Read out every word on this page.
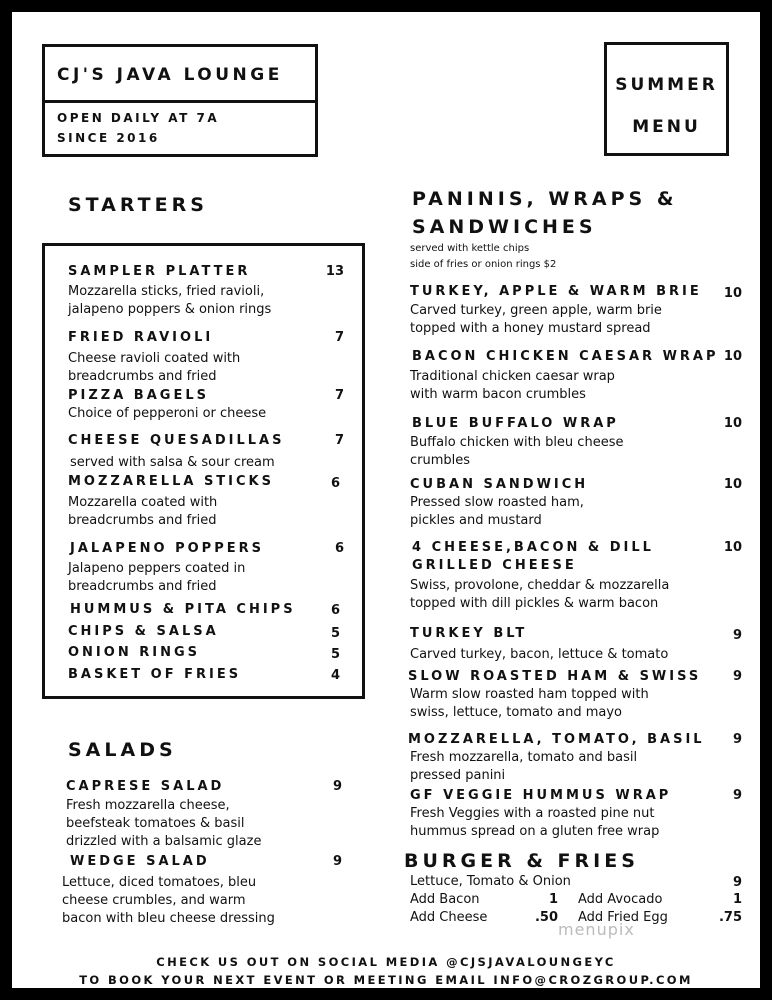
CJ'S JAVA LOUNGE
OPEN DAILY AT 7A
SINCE 2016
SUMMER
MENU
STARTERS
SAMPLER PLATTER	13
Mozzarella sticks, fried ravioli,
jalapeno poppers & onion rings
FRIED RAVIOLI	7
Cheese ravioli coated with
breadcrumbs and fried
PIZZA BAGELS	7
Choice of pepperoni or cheese
CHEESE QUESADILLAS	7
served with salsa & sour cream
MOZZARELLA STICKS	6
Mozzarella coated with
breadcrumbs and fried
JALAPENO POPPERS	6
Jalapeno peppers coated in
breadcrumbs and fried
HUMMUS & PITA CHIPS	6
CHIPS & SALSA	5
ONION RINGS	5
BASKET OF FRIES	4
SALADS
CAPRESE SALAD	9
Fresh mozzarella cheese,
beefsteak tomatoes & basil
drizzled with a balsamic glaze
WEDGE SALAD	9
Lettuce, diced tomatoes, bleu
cheese crumbles, and warm
bacon with bleu cheese dressing
PANINIS, WRAPS &
SANDWICHES
served with kettle chips
side of fries or onion rings $2
TURKEY, APPLE & WARM BRIE	10
Carved turkey, green apple, warm brie
topped with a honey mustard spread
BACON CHICKEN CAESAR WRAP 10
Traditional chicken caesar wrap
with warm bacon crumbles
BLUE BUFFALO WRAP	10
Buffalo chicken with bleu cheese
crumbles
CUBAN SANDWICH	10
Pressed slow roasted ham,
pickles and mustard
4 CHEESE,BACON & DILL
GRILLED CHEESE
10
Swiss, provolone, cheddar & mozzarella
topped with dill pickles & warm bacon
TURKEY BLT	9
Carved turkey, bacon, lettuce & tomato
SLOW ROASTED HAM & SWISS	9
Warm slow roasted ham topped with
swiss, lettuce, tomato and mayo
MOZZARELLA, TOMATO, BASIL	9
Fresh mozzarella, tomato and basil
pressed panini
GF VEGGIE HUMMUS WRAP	9
Fresh Veggies with a roasted pine nut
hummus spread on a gluten free wrap
BURGER & FRIES
Lettuce, Tomato & Onion	9
Add Bacon	1 Add Avocado	1
Add Cheese	.50 Add Fried Egg	.75
menupix
CHECK US OUT ON SOCIAL MEDIA @CJSJAVALOUNGEYC
TO BOOK YOUR NEXT EVENT OR MEETING EMAIL INFO@CROZGROUP.COM
